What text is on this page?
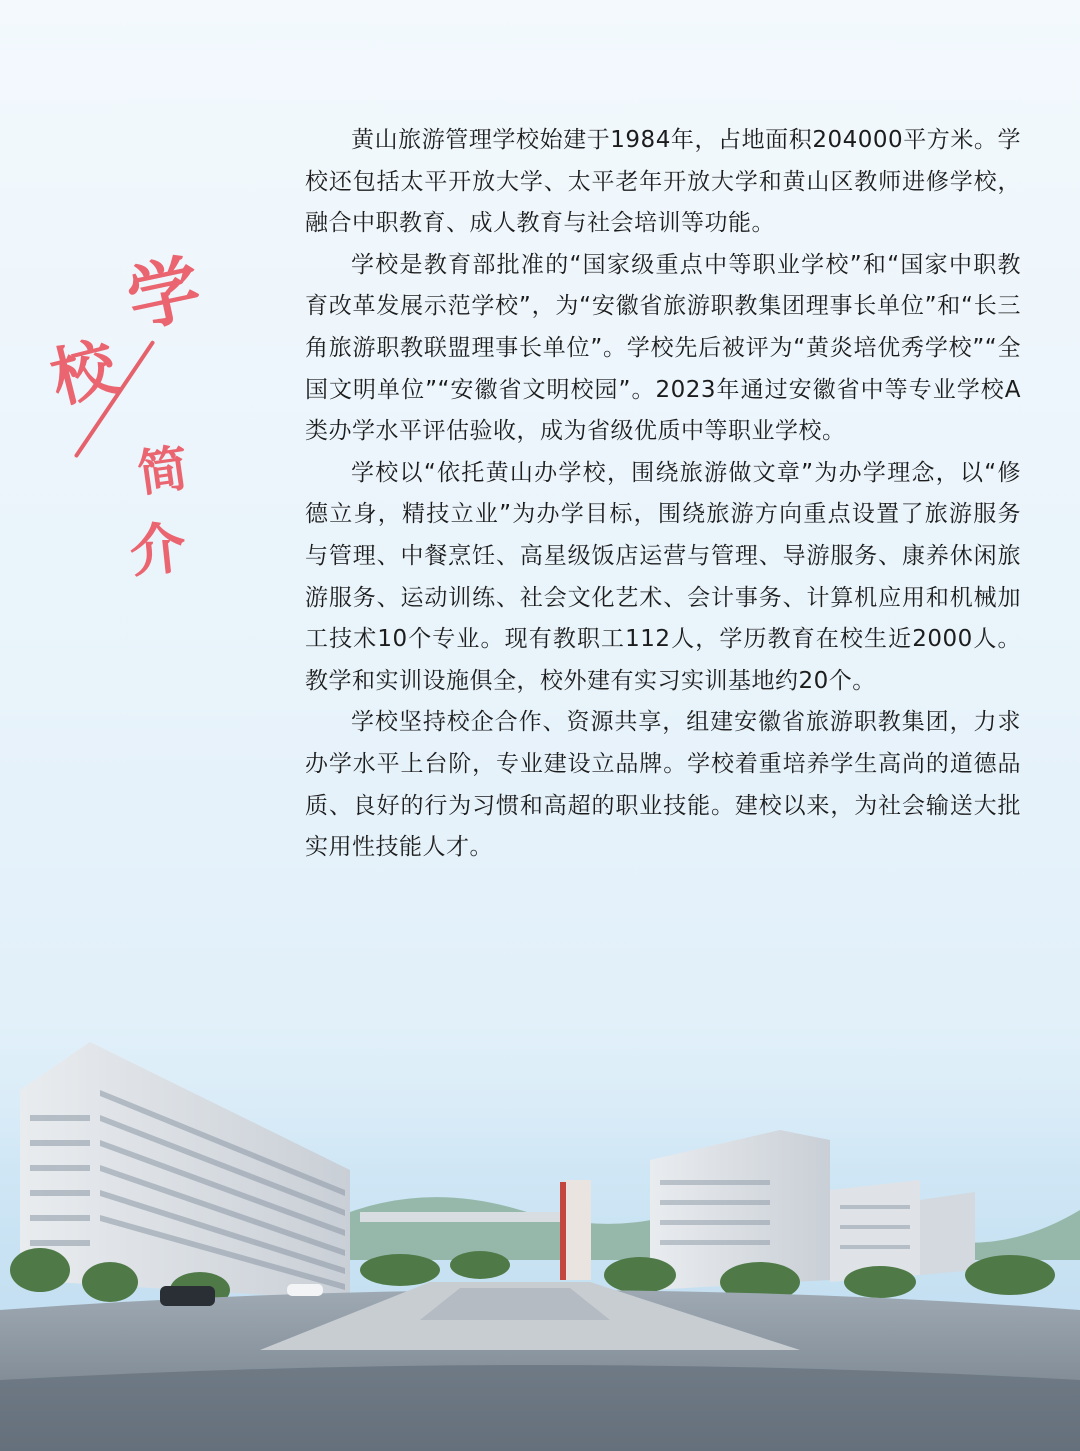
学
校
简
介

黄山旅游管理学校始建于1984年，占地面积204000平方米。学校还包括太平开放大学、太平老年开放大学和黄山区教师进修学校，融合中职教育、成人教育与社会培训等功能。

学校是教育部批准的“国家级重点中等职业学校”和“国家中职教育改革发展示范学校”，为“安徽省旅游职教集团理事长单位”和“长三角旅游职教联盟理事长单位”。学校先后被评为“黄炎培优秀学校”“全国文明单位”“安徽省文明校园”。2023年通过安徽省中等专业学校A类办学水平评估验收，成为省级优质中等职业学校。

学校以“依托黄山办学校，围绕旅游做文章”为办学理念，以“修德立身，精技立业”为办学目标，围绕旅游方向重点设置了旅游服务与管理、中餐烹饪、高星级饭店运营与管理、导游服务、康养休闲旅游服务、运动训练、社会文化艺术、会计事务、计算机应用和机械加工技术10个专业。现有教职工112人，学历教育在校生近2000人。教学和实训设施俱全，校外建有实习实训基地约20个。

学校坚持校企合作、资源共享，组建安徽省旅游职教集团，力求办学水平上台阶，专业建设立品牌。学校着重培养学生高尚的道德品质、良好的行为习惯和高超的职业技能。建校以来，为社会输送大批实用性技能人才。
